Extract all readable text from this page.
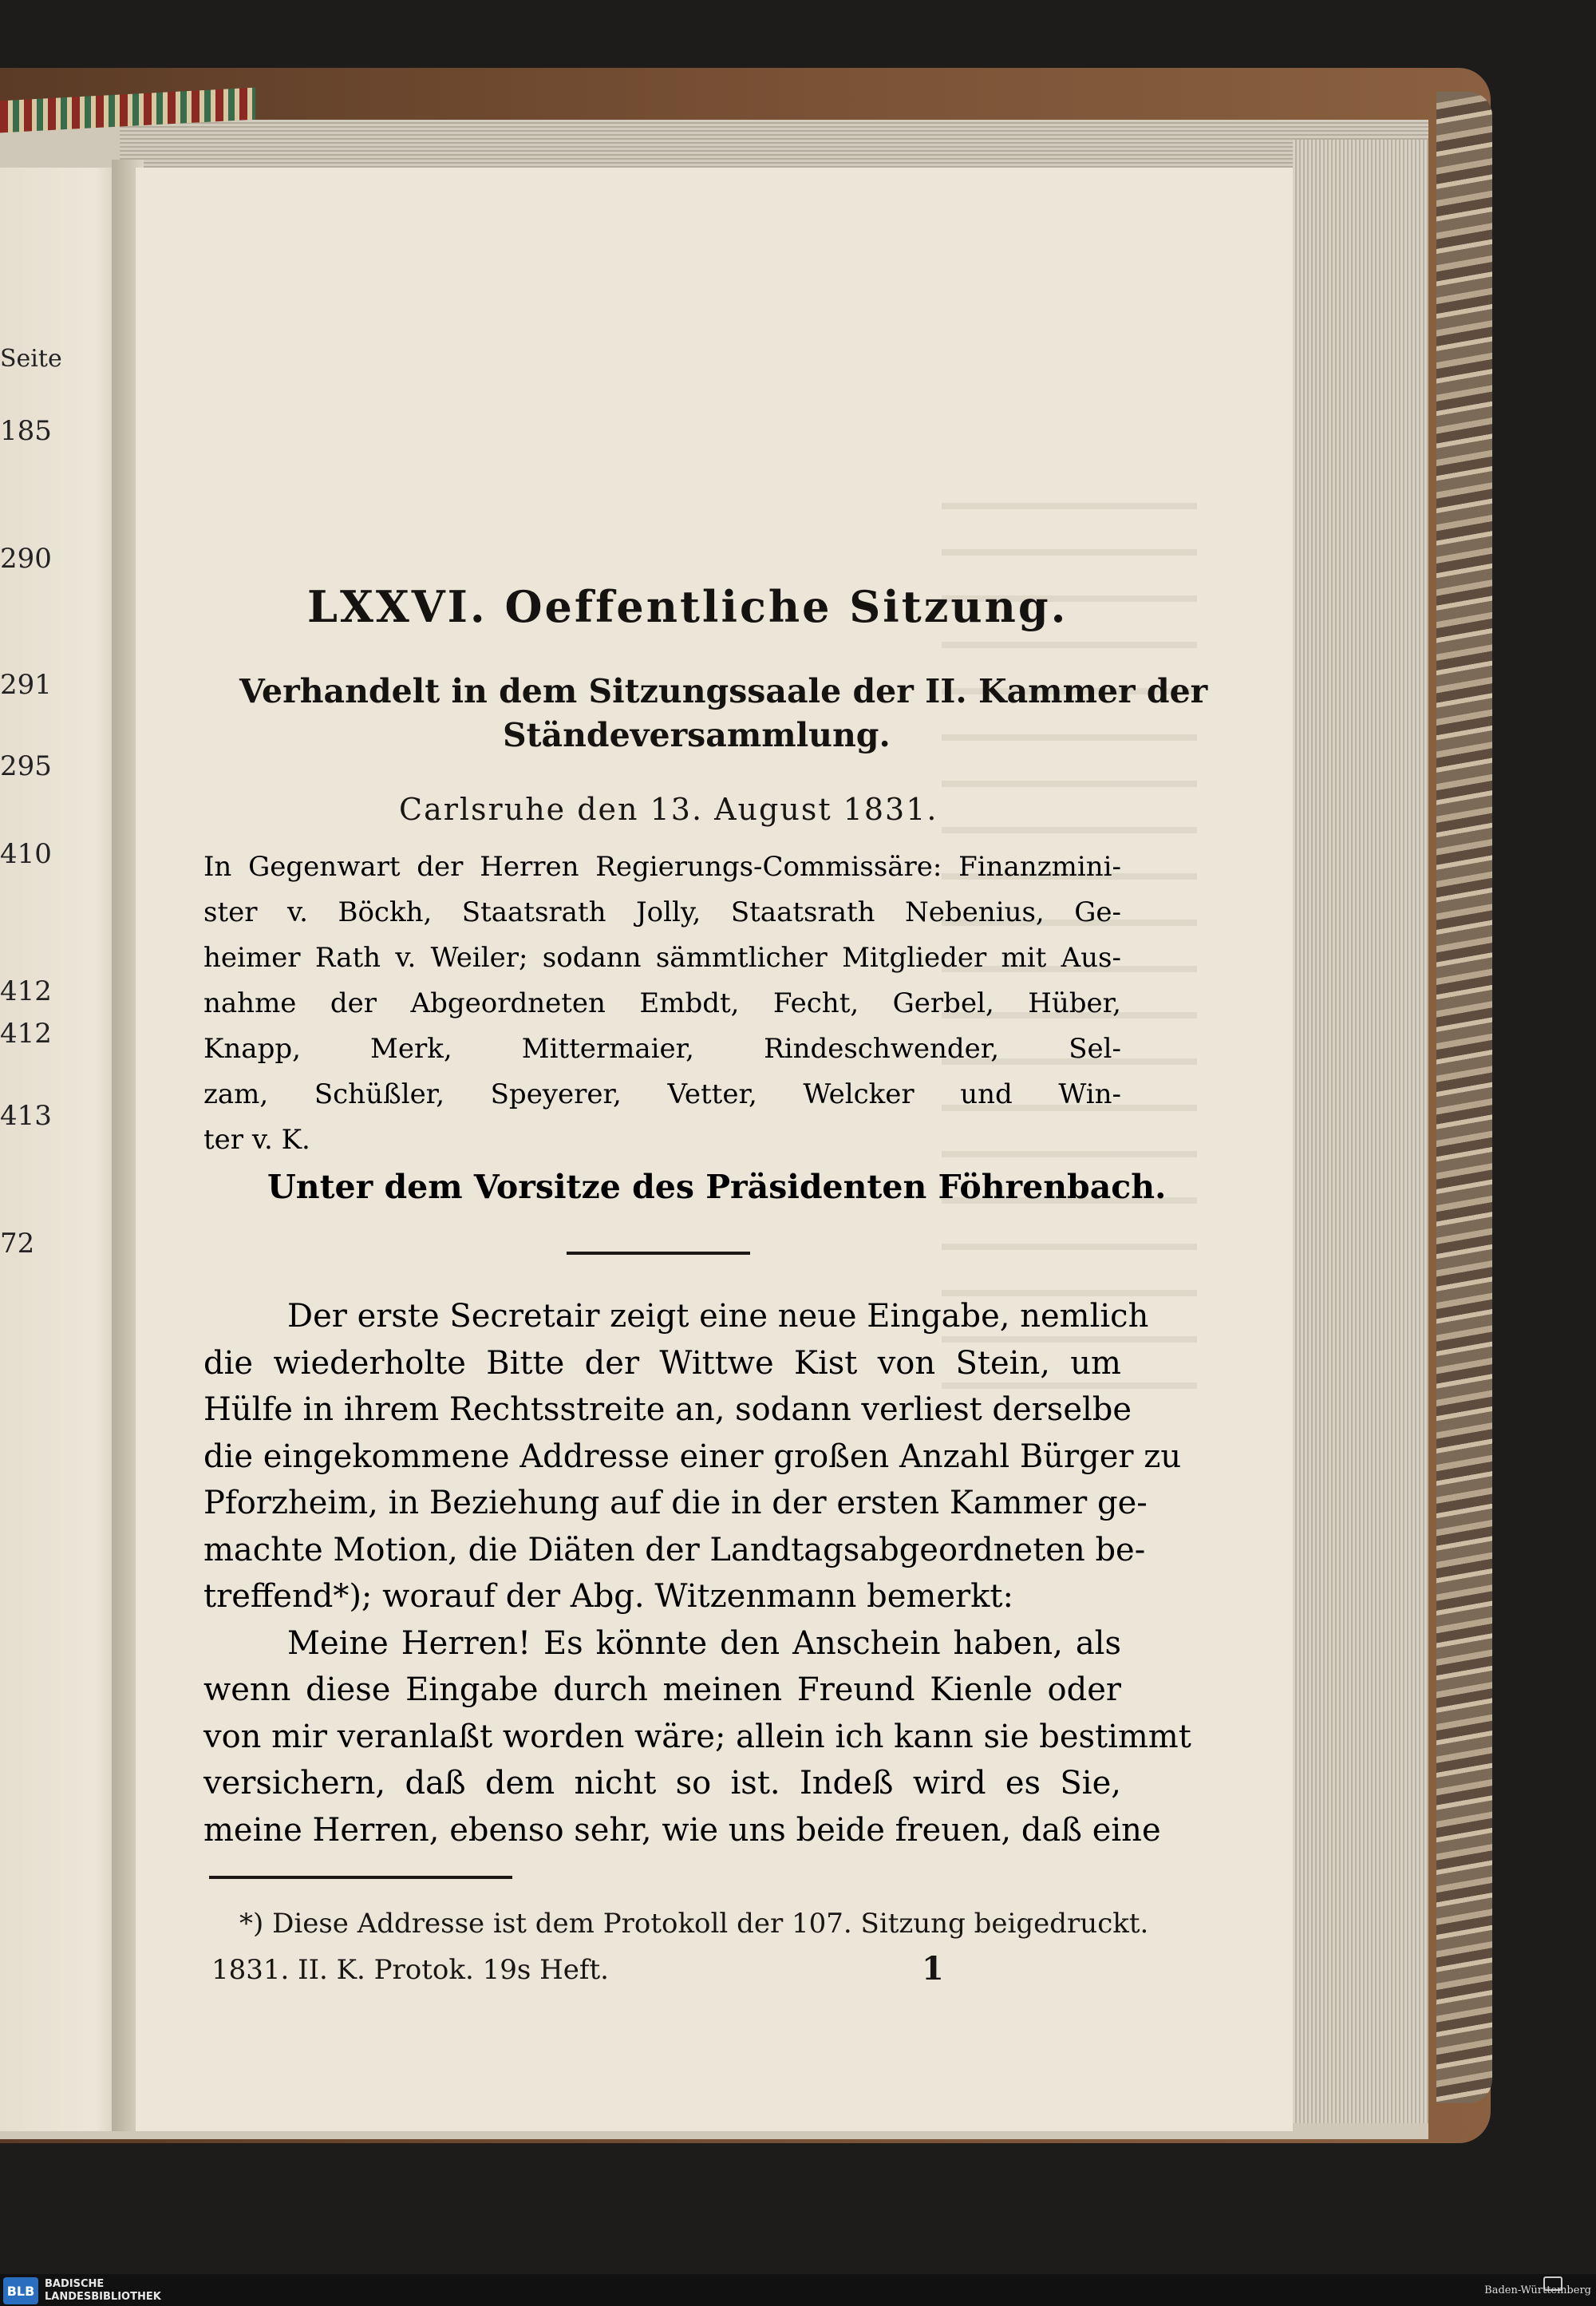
Seite
185
290
291
295
410
412
412
413
72
LXXVI. Oeffentliche Sitzung.
Verhandelt in dem Sitzungssaale der II. Kammer der
Ständeversammlung.
Carlsruhe den 13. August 1831.
In Gegenwart der Herren Regierungs-Commissäre: Finanzmini-
ster v. Böckh, Staatsrath Jolly, Staatsrath Nebenius, Ge-
heimer Rath v. Weiler; sodann sämmtlicher Mitglieder mit Aus-
nahme der Abgeordneten Embdt, Fecht, Gerbel, Hüber,
Knapp, Merk, Mittermaier, Rindeschwender, Sel-
zam, Schüßler, Speyerer, Vetter, Welcker und Win-
ter v. K.
Unter dem Vorsitze des Präsidenten Föhrenbach.
Der erste Secretair zeigt eine neue Eingabe, nemlich
die wiederholte Bitte der Wittwe Kist von Stein, um
Hülfe in ihrem Rechtsstreite an, sodann verliest derselbe
die eingekommene Addresse einer großen Anzahl Bürger zu
Pforzheim, in Beziehung auf die in der ersten Kammer ge-
machte Motion, die Diäten der Landtagsabgeordneten be-
treffend*); worauf der Abg. Witzenmann bemerkt:
Meine Herren! Es könnte den Anschein haben, als
wenn diese Eingabe durch meinen Freund Kienle oder
von mir veranlaßt worden wäre; allein ich kann sie bestimmt
versichern, daß dem nicht so ist. Indeß wird es Sie,
meine Herren, ebenso sehr, wie uns beide freuen, daß eine
*) Diese Addresse ist dem Protokoll der 107. Sitzung beigedruckt.
1831. II. K. Protok. 19s Heft.	1
BLB BADISCHE
LANDESBIBLIOTHEK
Baden-Württemberg
